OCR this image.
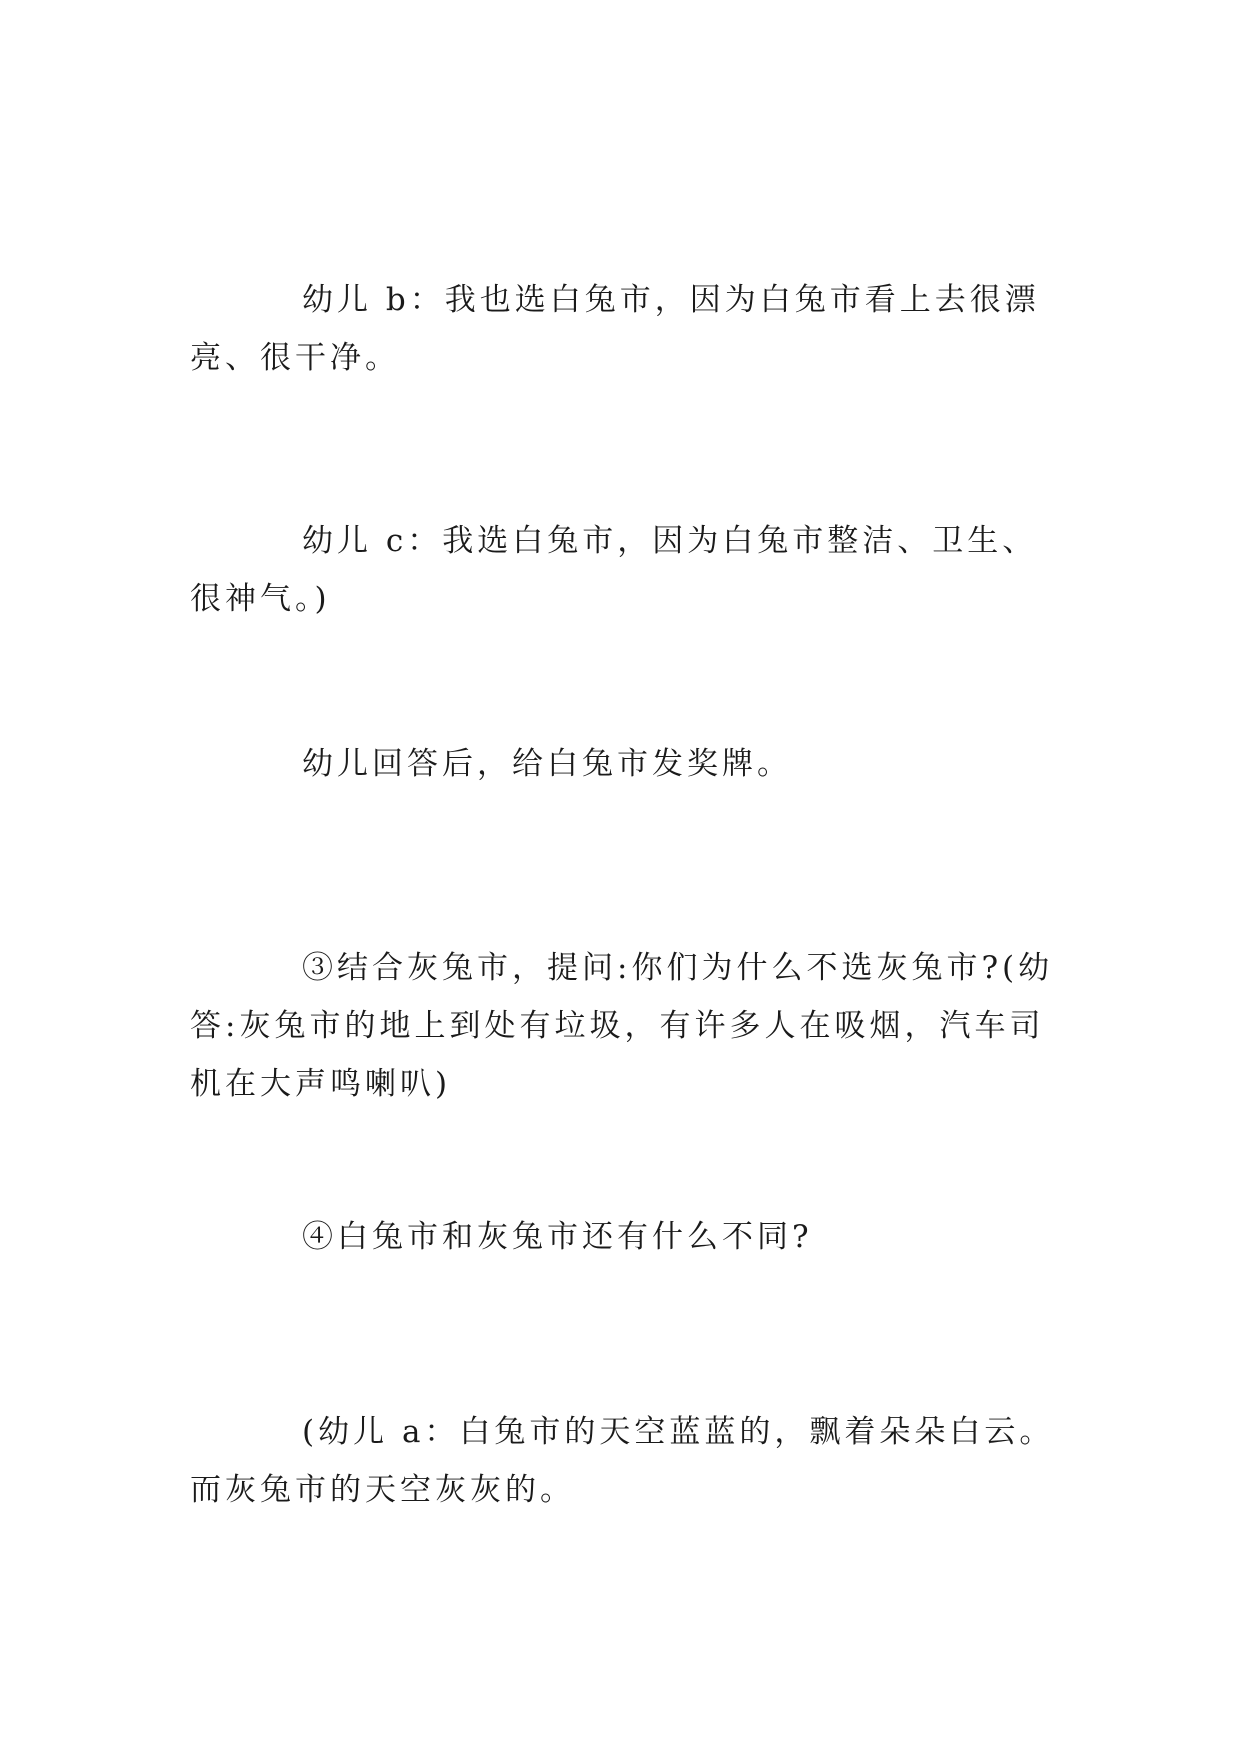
幼儿 b：我也选白兔市，因为白兔市看上去很漂亮、很干净。

幼儿 c：我选白兔市，因为白兔市整洁、卫生、很神气。)

幼儿回答后，给白兔市发奖牌。

③结合灰兔市，提问:你们为什么不选灰兔市?(幼答:灰兔市的地上到处有垃圾，有许多人在吸烟，汽车司机在大声鸣喇叭)

④白兔市和灰兔市还有什么不同?

(幼儿 a：白兔市的天空蓝蓝的，飘着朵朵白云。而灰兔市的天空灰灰的。
